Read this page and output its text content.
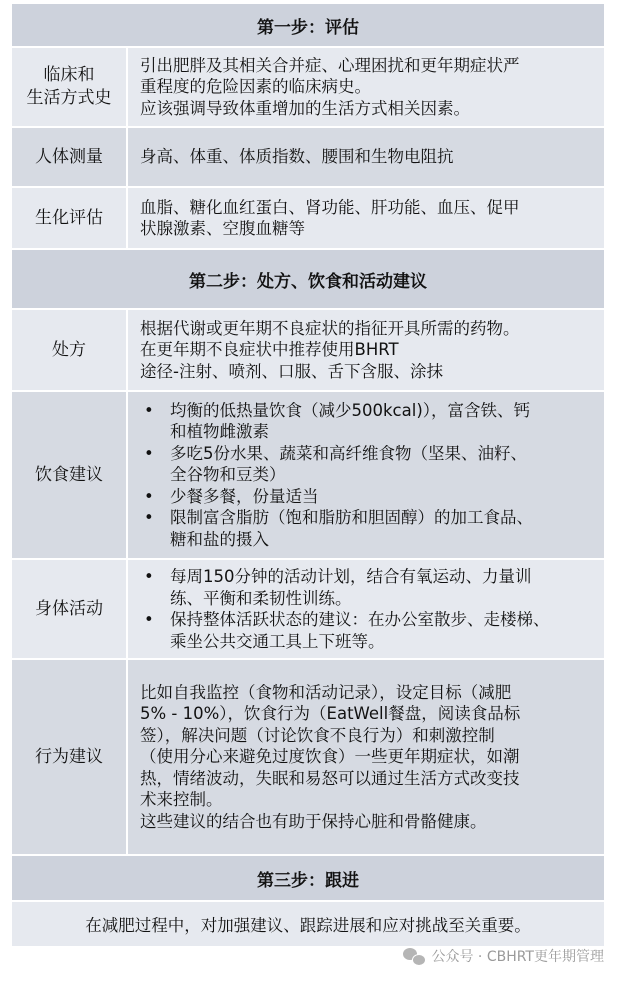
第一步：评估
临床和
生活方式史
引出肥胖及其相关合并症、心理困扰和更年期症状严
重程度的危险因素的临床病史。
应该强调导致体重增加的生活方式相关因素。
人体测量 身高、体重、体质指数、腰围和生物电阻抗
生化评估
血脂、糖化血红蛋白、肾功能、肝功能、血压、促甲
状腺激素、空腹血糖等
第二步：处方、饮食和活动建议
处方
根据代谢或更年期不良症状的指征开具所需的药物。
在更年期不良症状中推荐使用BHRT
途径-注射、喷剂、口服、舌下含服、涂抹
饮食建议
• 均衡的低热量饮食（减少500kcal)），富含铁、钙
和植物雌激素
• 多吃5份水果、蔬菜和高纤维食物（坚果、油籽、
全谷物和豆类）
• 少餐多餐，份量适当
• 限制富含脂肪（饱和脂肪和胆固醇）的加工食品、
糖和盐的摄入
身体活动
• 每周150分钟的活动计划，结合有氧运动、力量训
练、平衡和柔韧性训练。
• 保持整体活跃状态的建议：在办公室散步、走楼梯、
乘坐公共交通工具上下班等。
行为建议
比如自我监控（食物和活动记录），设定目标（减肥
5% - 10%），饮食行为（EatWell餐盘，阅读食品标
签），解决问题（讨论饮食不良行为）和刺激控制
（使用分心来避免过度饮食）一些更年期症状，如潮
热，情绪波动，失眠和易怒可以通过生活方式改变技
术来控制。
这些建议的结合也有助于保持心脏和骨骼健康。
第三步：跟进
在减肥过程中，对加强建议、跟踪进展和应对挑战至关重要。
公众号 · CBHRT更年期管理
